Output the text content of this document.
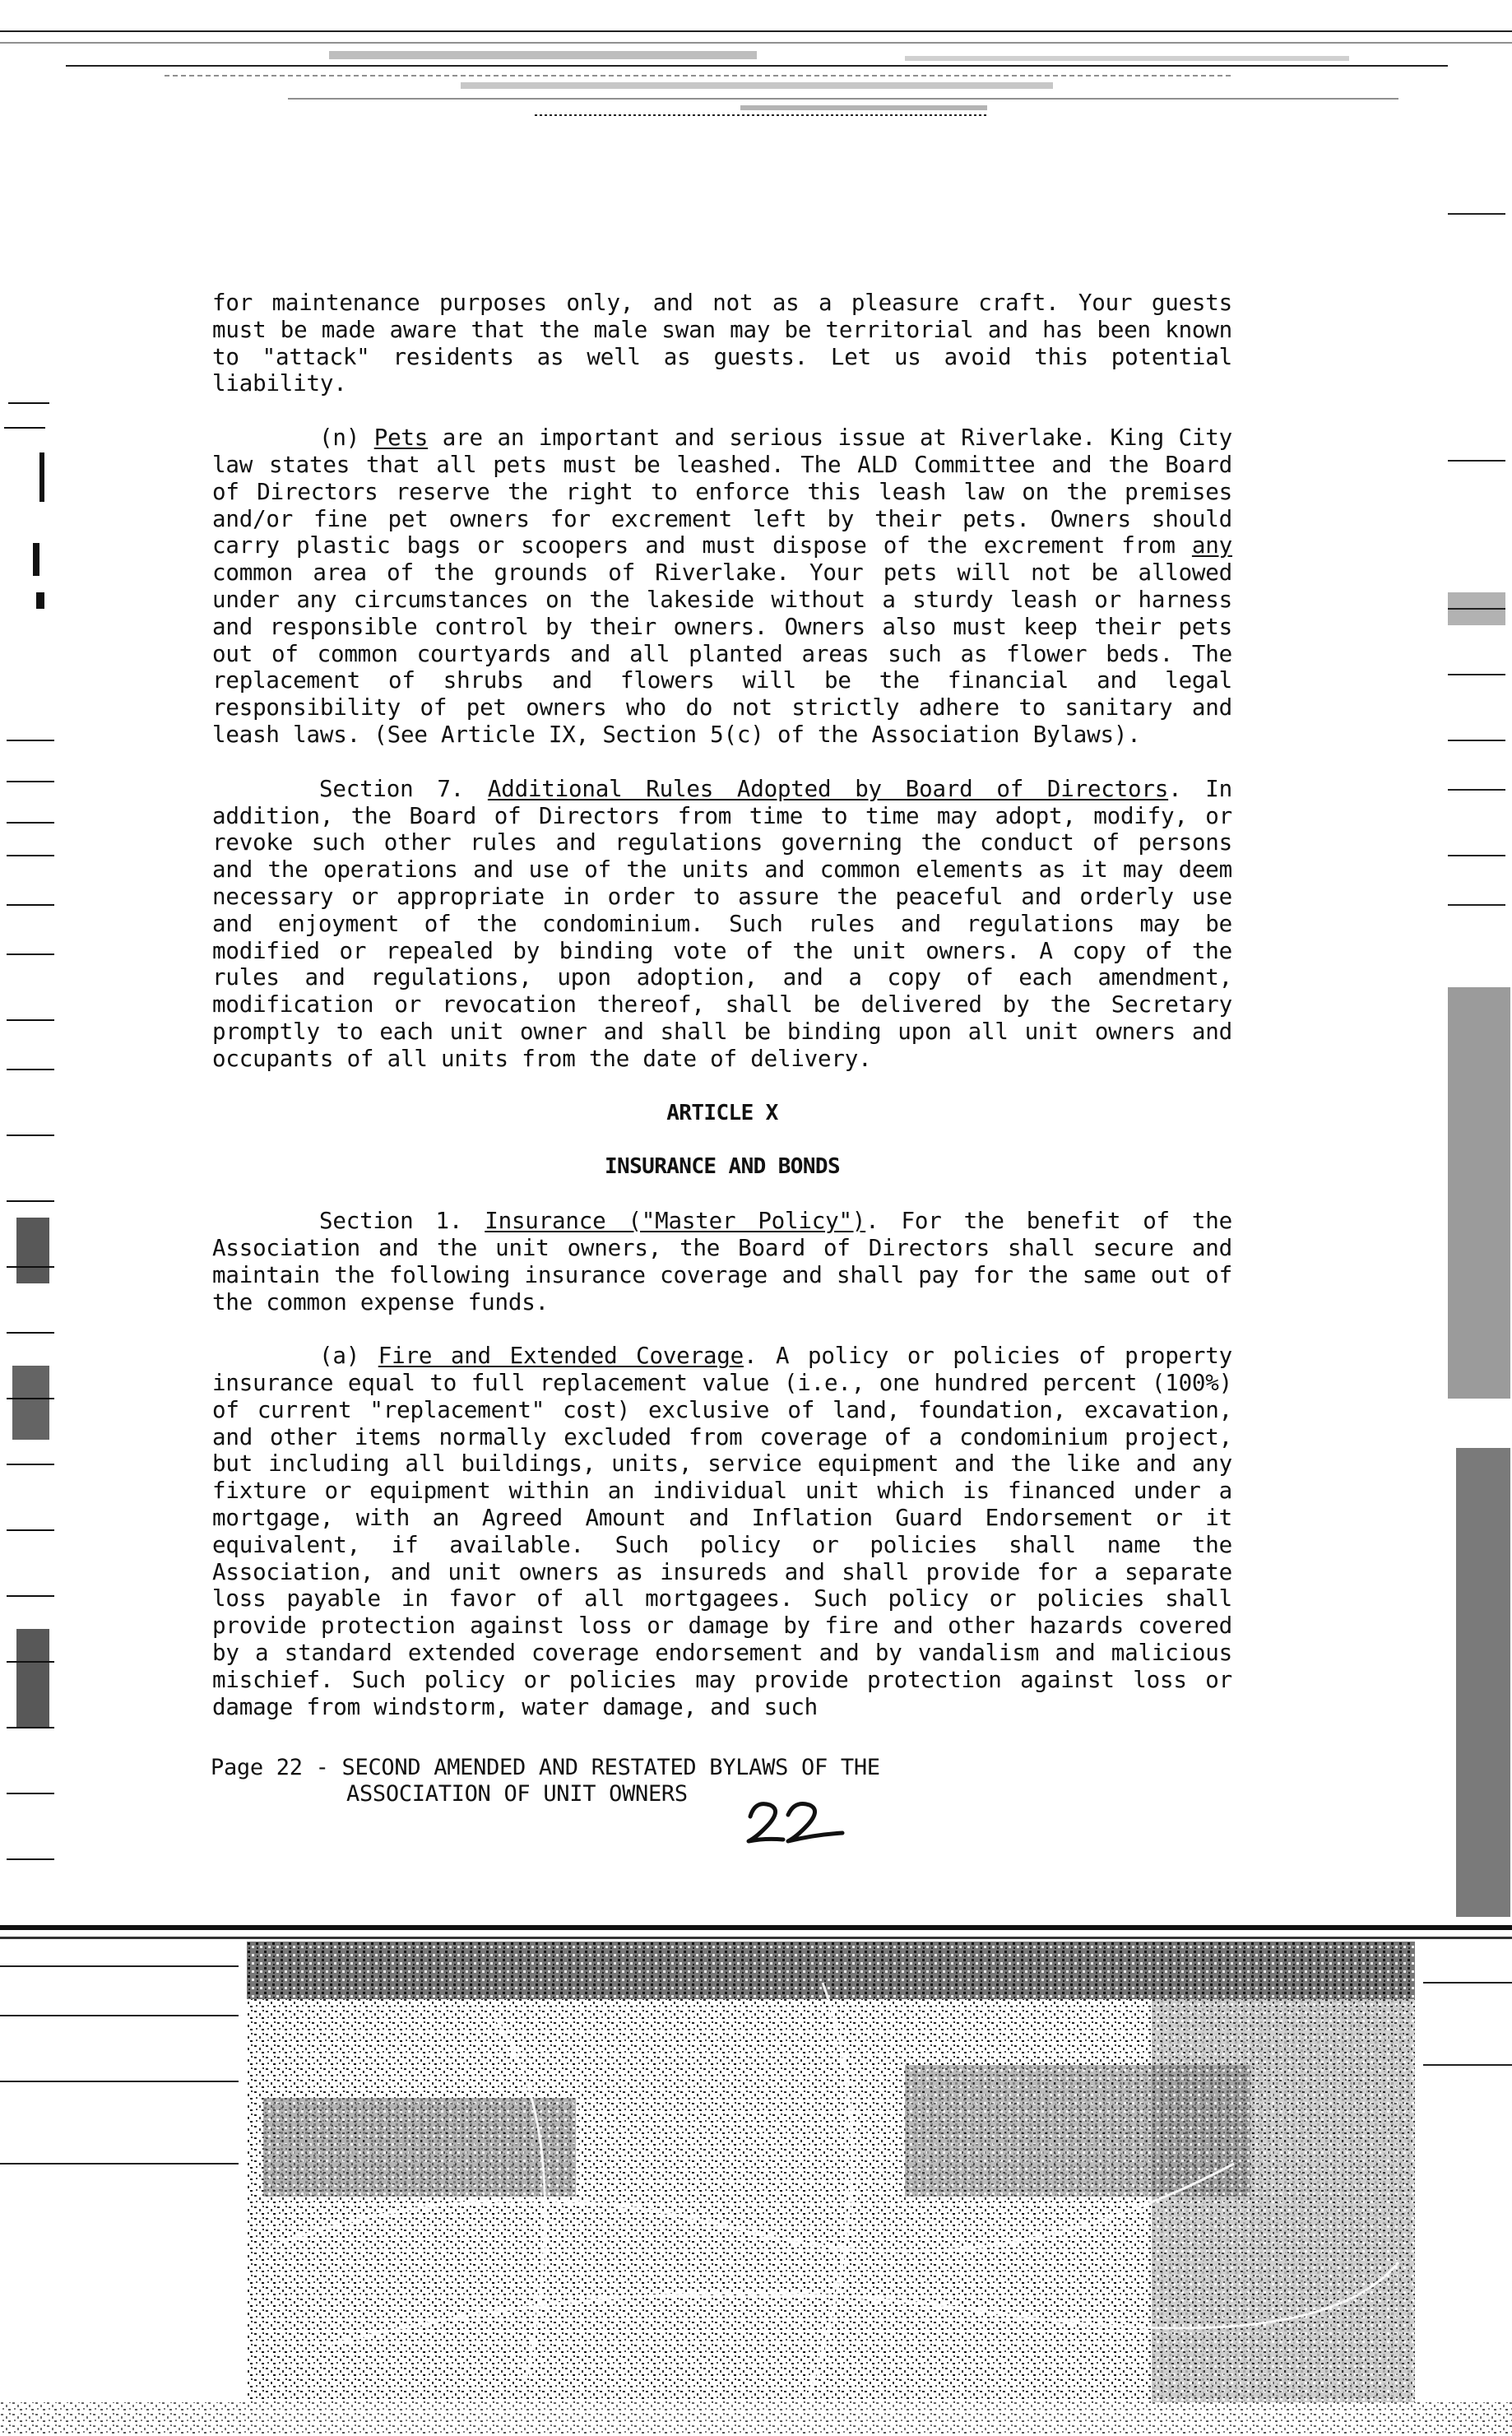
for maintenance purposes only, and not as a pleasure craft. Your guests must be made aware that the male swan may be territorial and has been known to "attack" residents as well as guests. Let us avoid this potential liability.

(n) Pets are an important and serious issue at Riverlake. King City law states that all pets must be leashed. The ALD Committee and the Board of Directors reserve the right to enforce this leash law on the premises and/or fine pet owners for excrement left by their pets. Owners should carry plastic bags or scoopers and must dispose of the excrement from any common area of the grounds of Riverlake. Your pets will not be allowed under any circumstances on the lakeside without a sturdy leash or harness and responsible control by their owners. Owners also must keep their pets out of common courtyards and all planted areas such as flower beds. The replacement of shrubs and flowers will be the financial and legal responsibility of pet owners who do not strictly adhere to sanitary and leash laws. (See Article IX, Section 5(c) of the Association Bylaws).

Section 7. Additional Rules Adopted by Board of Directors. In addition, the Board of Directors from time to time may adopt, modify, or revoke such other rules and regulations governing the conduct of persons and the operations and use of the units and common elements as it may deem necessary or appropriate in order to assure the peaceful and orderly use and enjoyment of the condominium. Such rules and regulations may be modified or repealed by binding vote of the unit owners. A copy of the rules and regulations, upon adoption, and a copy of each amendment, modification or revocation thereof, shall be delivered by the Secretary promptly to each unit owner and shall be binding upon all unit owners and occupants of all units from the date of delivery.

ARTICLE X

INSURANCE AND BONDS

Section 1. Insurance ("Master Policy"). For the benefit of the Association and the unit owners, the Board of Directors shall secure and maintain the following insurance coverage and shall pay for the same out of the common expense funds.

(a) Fire and Extended Coverage. A policy or policies of property insurance equal to full replacement value (i.e., one hundred percent (100%) of current "replacement" cost) exclusive of land, foundation, excavation, and other items normally excluded from coverage of a condominium project, but including all buildings, units, service equipment and the like and any fixture or equipment within an individual unit which is financed under a mortgage, with an Agreed Amount and Inflation Guard Endorsement or it equivalent, if available. Such policy or policies shall name the Association, and unit owners as insureds and shall provide for a separate loss payable in favor of all mortgagees. Such policy or policies shall provide protection against loss or damage by fire and other hazards covered by a standard extended coverage endorsement and by vandalism and malicious mischief. Such policy or policies may provide protection against loss or damage from windstorm, water damage, and such

Page 22 - SECOND AMENDED AND RESTATED BYLAWS OF THE
ASSOCIATION OF UNIT OWNERS
